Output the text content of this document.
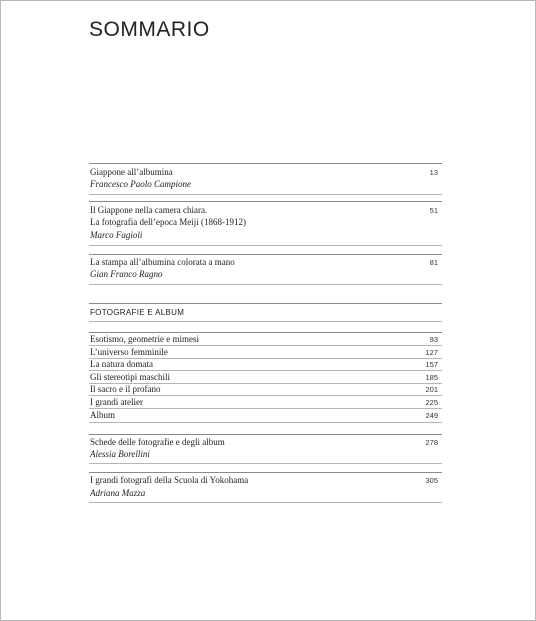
SOMMARIO
Giappone all’albumina	13
Francesco Paolo Campione
Il Giappone nella camera chiara.	51
La fotografia dell’epoca Meiji (1868-1912)
Marco Fagioli
La stampa all’albumina colorata a mano	81
Gian Franco Ragno
FOTOGRAFIE E ALBUM
Esotismo, geometrie e mimesi	93
L’universo femminile	127
La natura domata	157
Gli stereotipi maschili	185
Il sacro e il profano	201
I grandi atelier	225
Album	249
Schede delle fotografie e degli album	278
Alessia Borellini
I grandi fotografi della Scuola di Yokohama	305
Adriana Mazza
